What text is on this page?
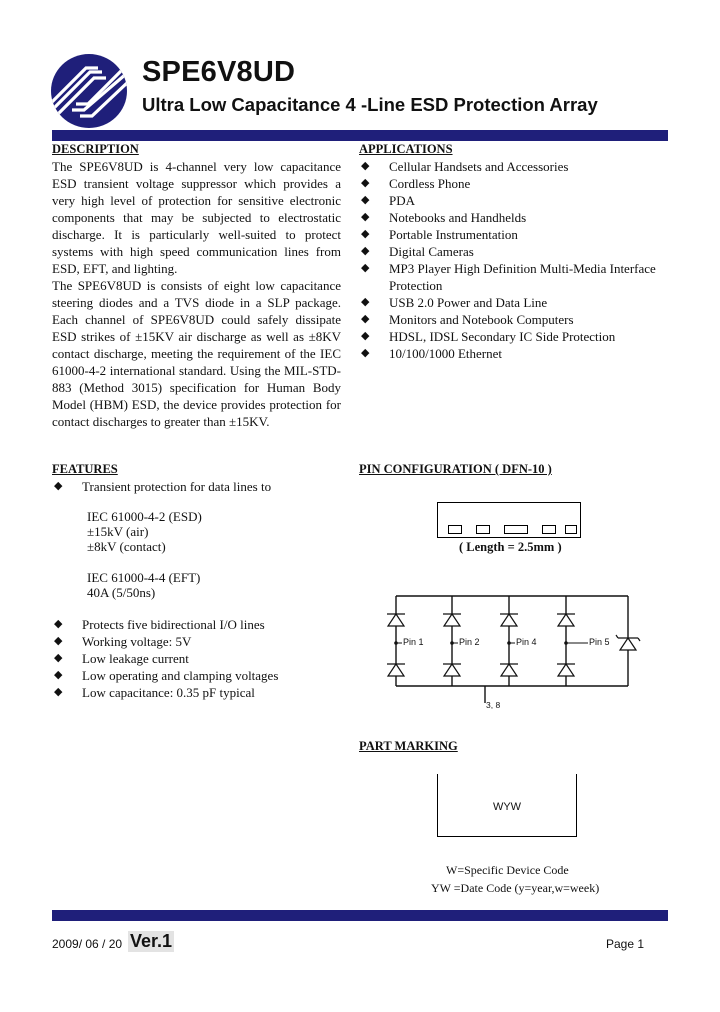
SPE6V8UD
Ultra Low Capacitance 4 -Line ESD Protection Array
DESCRIPTION

The SPE6V8UD is 4-channel very low capacitance ESD transient voltage suppressor which provides a very high level of protection for sensitive electronic components that may be subjected to electrostatic discharge. It is particularly well-suited to protect systems with high speed communication lines from ESD, EFT, and lighting.

The SPE6V8UD is consists of eight low capacitance steering diodes and a TVS diode in a SLP package. Each channel of SPE6V8UD could safely dissipate ESD strikes of ±15KV air discharge as well as ±8KV contact discharge, meeting the requirement of the IEC 61000-4-2 international standard. Using the MIL-STD-883 (Method 3015) specification for Human Body Model (HBM) ESD, the device provides protection for contact discharges to greater than ±15KV.

APPLICATIONS
◆ Cellular Handsets and Accessories
◆ Cordless Phone
◆ PDA
◆ Notebooks and Handhelds
◆ Portable Instrumentation
◆ Digital Cameras
◆ MP3 Player High Definition Multi-Media Interface Protection
◆ USB 2.0 Power and Data Line
◆ Monitors and Notebook Computers
◆ HDSL, IDSL Secondary IC Side Protection
◆ 10/100/1000 Ethernet
FEATURES
◆ Transient protection for data lines to
IEC 61000-4-2 (ESD)
±15kV (air)
±8kV (contact)
IEC 61000-4-4 (EFT)
40A (5/50ns)
◆ Protects five bidirectional I/O lines
◆ Working voltage: 5V
◆ Low leakage current
◆ Low operating and clamping voltages
◆ Low capacitance: 0.35 pF typical
PIN CONFIGURATION ( DFN-10 )
( Length = 2.5mm )
Pin 1	Pin 2	Pin 4	Pin 5
3, 8
PART MARKING
WYW
W=Specific Device Code
YW =Date Code (y=year,w=week)
2009/ 06 / 20 Ver.1	Page 1
